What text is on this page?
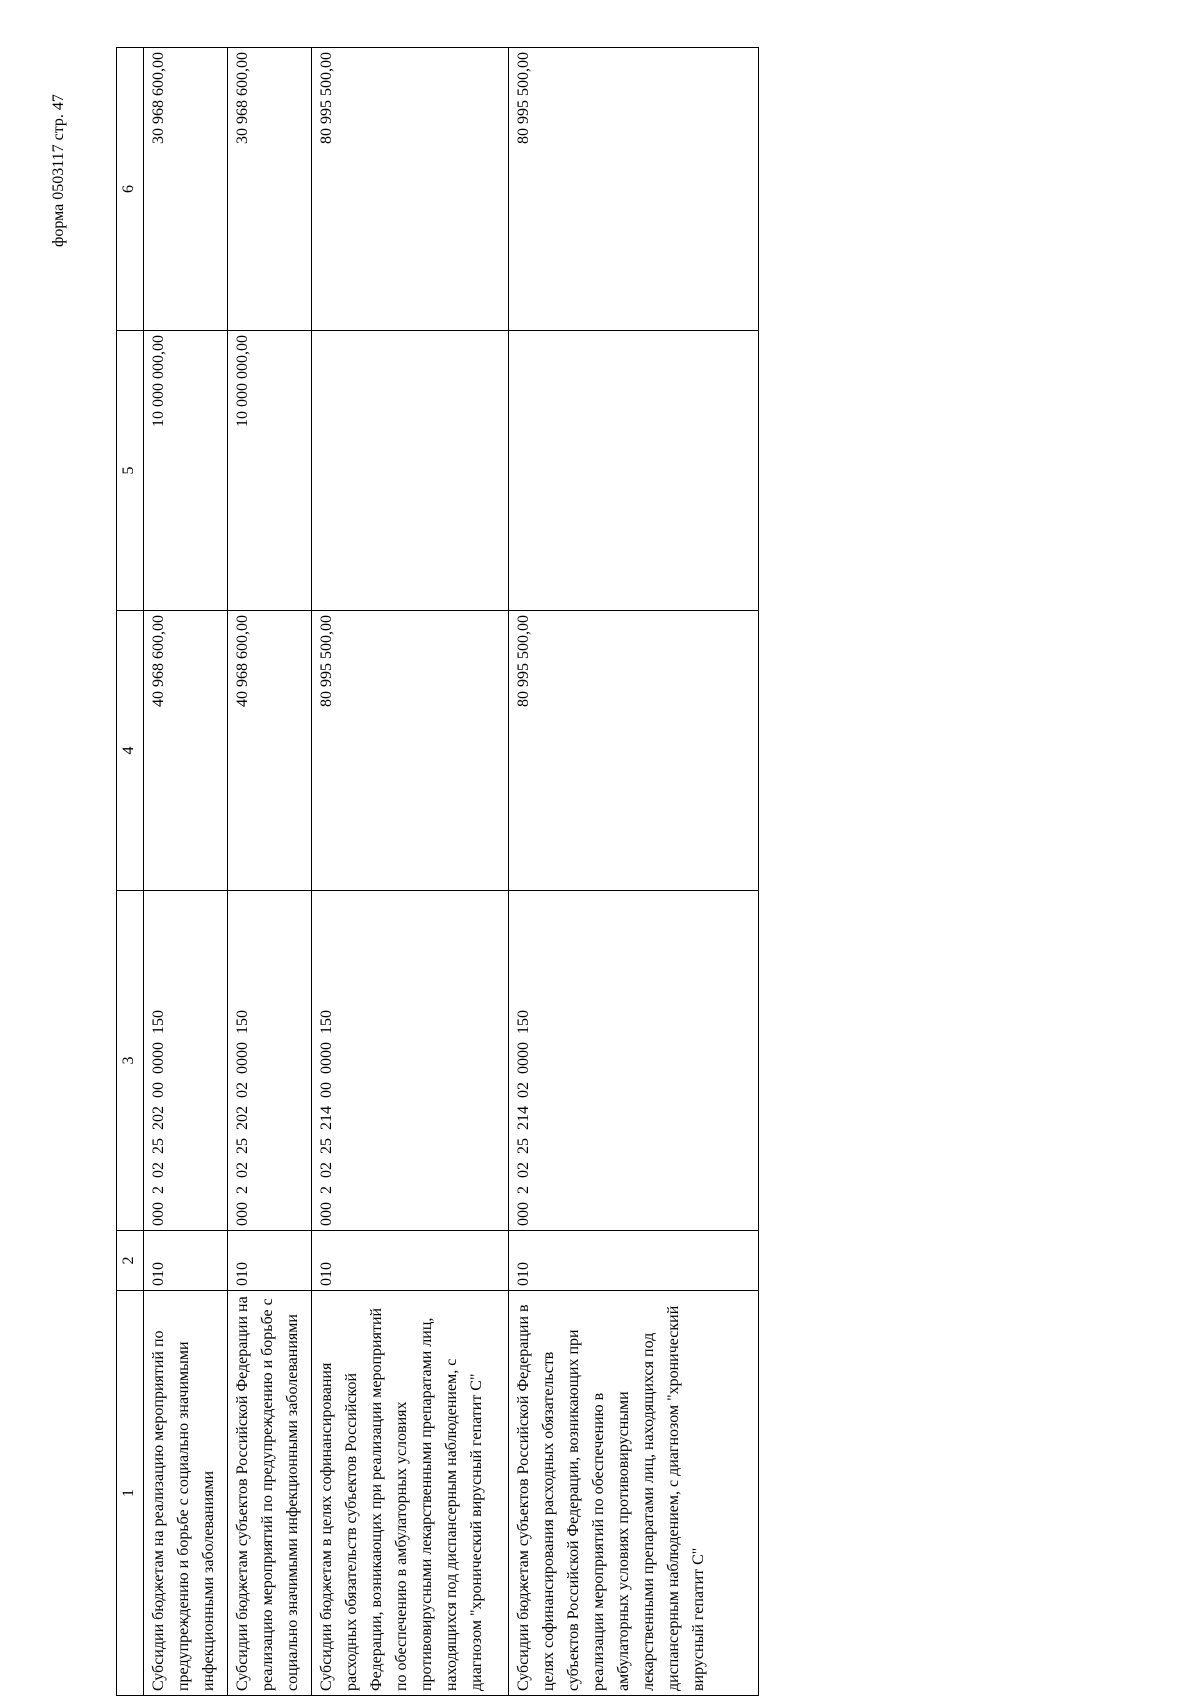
форма 0503117 стр. 47
1	2	3	4	5	6
Субсидии бюджетам на реализацию мероприятий по предупреждению и борьбе с социально значимыми инфекционными заболеваниями	010	000  2  02  25  202  00  0000  150	40 968 600,00	10 000 000,00	30 968 600,00
Субсидии бюджетам субъектов Российской Федерации на реализацию мероприятий по предупреждению и борьбе с социально значимыми инфекционными заболеваниями	010	000  2  02  25  202  02  0000  150	40 968 600,00	10 000 000,00	30 968 600,00
Субсидии бюджетам в целях софинансирования расходных обязательств субъектов Российской Федерации, возникающих при реализации мероприятий по обеспечению в амбулаторных условиях противовирусными лекарственными препаратами лиц, находящихся под диспансерным наблюдением, с диагнозом "хронический вирусный гепатит С"	010	000  2  02  25  214  00  0000  150	80 995 500,00		80 995 500,00
Субсидии бюджетам субъектов Российской Федерации в целях софинансирования расходных обязательств субъектов Российской Федерации, возникающих при реализации мероприятий по обеспечению в амбулаторных условиях противовирусными лекарственными препаратами лиц, находящихся под диспансерным наблюдением, с диагнозом "хронический вирусный гепатит С"	010	000  2  02  25  214  02  0000  150	80 995 500,00		80 995 500,00
